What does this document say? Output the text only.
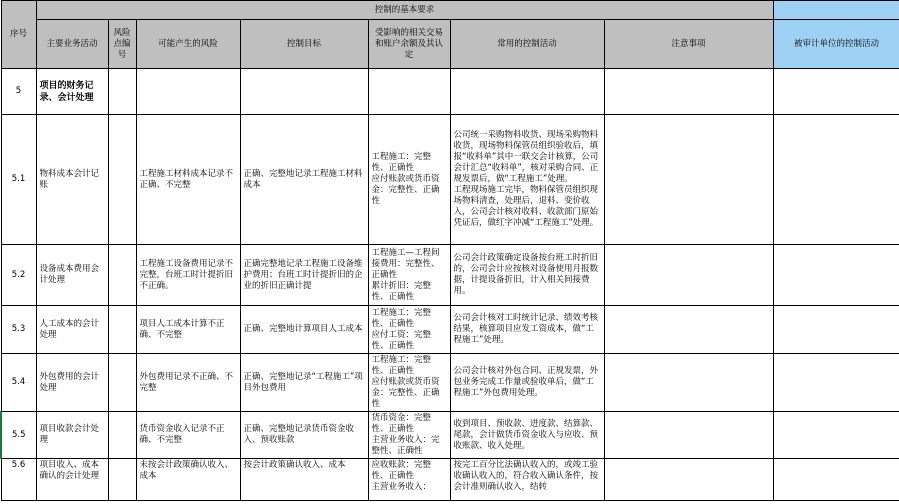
序号	控制的基本要求							
	主要业务活动	风险点编号	可能产生的风险	控制目标	受影响的相关交易和账户余额及其认定	常用的控制活动	注意事项	被审计单位的控制活动
5	项目的财务记录、会计处理							
5.1	物料成本会计记账		工程施工材料成本记录不正确、不完整	正确、完整地记录工程施工材料成本	工程施工：完整性、正确性
应付账款或货币资金：完整性、正确性	公司统一采购物料收货、现场采购物料收货，现场物料保管员组织验收后，填报“收料单”其中一联交会计核算，公司会计汇总“收料单”，核对采购合同、正规发票后，做“工程施工”处理。
工程现场施工完毕，物料保管员组织现场物料清查，处理后，退料、变价收入，公司会计核对收料、收款部门原始凭证后，做红字冲减“工程施工”处理。		
5.2	设备成本费用会计处理		工程施工设备费用记录不完整，台班工时计提折旧不正确。	正确完整地记录工程施工设备维护费用；台班工时计提折旧的企业的折旧正确计提	工程施工—工程间接费用：完整性、正确性
累计折旧：完整性、正确性	公司会计政策确定设备按台班工时折旧的，公司会计应按核对设备使用月报数据，计提设备折旧，计入相关间接费用。		
5.3	人工成本的会计处理		项目人工成本计算不正确、不完整	正确、完整地计算项目人工成本	工程施工：完整性、正确性
应付工资：完整性、正确性	公司会计核对工时统计记录、绩效考核结果，核算项目应发工资成本，做“工程施工”处理。		
5.4	外包费用的会计处理		外包费用记录不正确、不完整	正确、完整地记录“工程施工”项目外包费用	工程施工：完整性、正确性
应付账款或货币资金：完整性、正确性	公司会计核对外包合同、正规发票，外包业务完成工作量或验收单后，做“工程施工”外包费用处理。		
5.5	项目收款会计处理		货币资金收入记录不正确、不完整	正确、完整地记录货币资金收入、预收账款	货币资金：完整性、正确性
主营业务收入：完整性、正确性	收到项目、预收款、进度款、结算款、尾款，会计做货币资金收入与应收、预收账款、收入处理。		
5.6	项目收入、成本确认的会计处理		未按会计政策确认收入、成本	按会计政策确认收入、成本	应收账款：完整性、正确性
主营业务收入：	按完工百分比法确认收入的，或竣工验收确认收入的，符合收入确认条件，按会计准则确认收入，结转		
